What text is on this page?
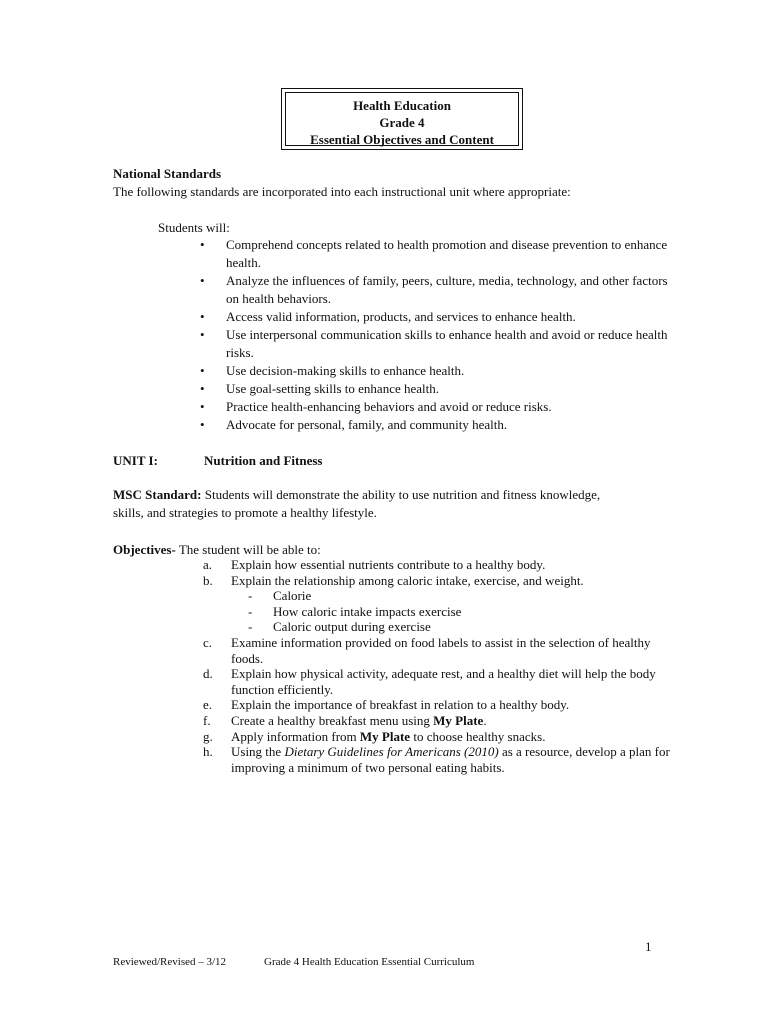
Health Education
Grade 4
Essential Objectives and Content
National Standards
The following standards are incorporated into each instructional unit where appropriate:
Students will:
• Comprehend concepts related to health promotion and disease prevention to enhance health.
• Analyze the influences of family, peers, culture, media, technology, and other factors on health behaviors.
• Access valid information, products, and services to enhance health.
• Use interpersonal communication skills to enhance health and avoid or reduce health risks.
• Use decision-making skills to enhance health.
• Use goal-setting skills to enhance health.
• Practice health-enhancing behaviors and avoid or reduce risks.
• Advocate for personal, family, and community health.
UNIT I:	Nutrition and Fitness
MSC Standard: Students will demonstrate the ability to use nutrition and fitness knowledge, skills, and strategies to promote a healthy lifestyle.
Objectives- The student will be able to:
a. Explain how essential nutrients contribute to a healthy body.
b. Explain the relationship among caloric intake, exercise, and weight.
- Calorie
- How caloric intake impacts exercise
- Caloric output during exercise
c. Examine information provided on food labels to assist in the selection of healthy foods.
d. Explain how physical activity, adequate rest, and a healthy diet will help the body function efficiently.
e. Explain the importance of breakfast in relation to a healthy body.
f. Create a healthy breakfast menu using My Plate.
g. Apply information from My Plate to choose healthy snacks.
h. Using the Dietary Guidelines for Americans (2010) as a resource, develop a plan for improving a minimum of two personal eating habits.
1
Reviewed/Revised – 3/12	Grade 4 Health Education Essential Curriculum
